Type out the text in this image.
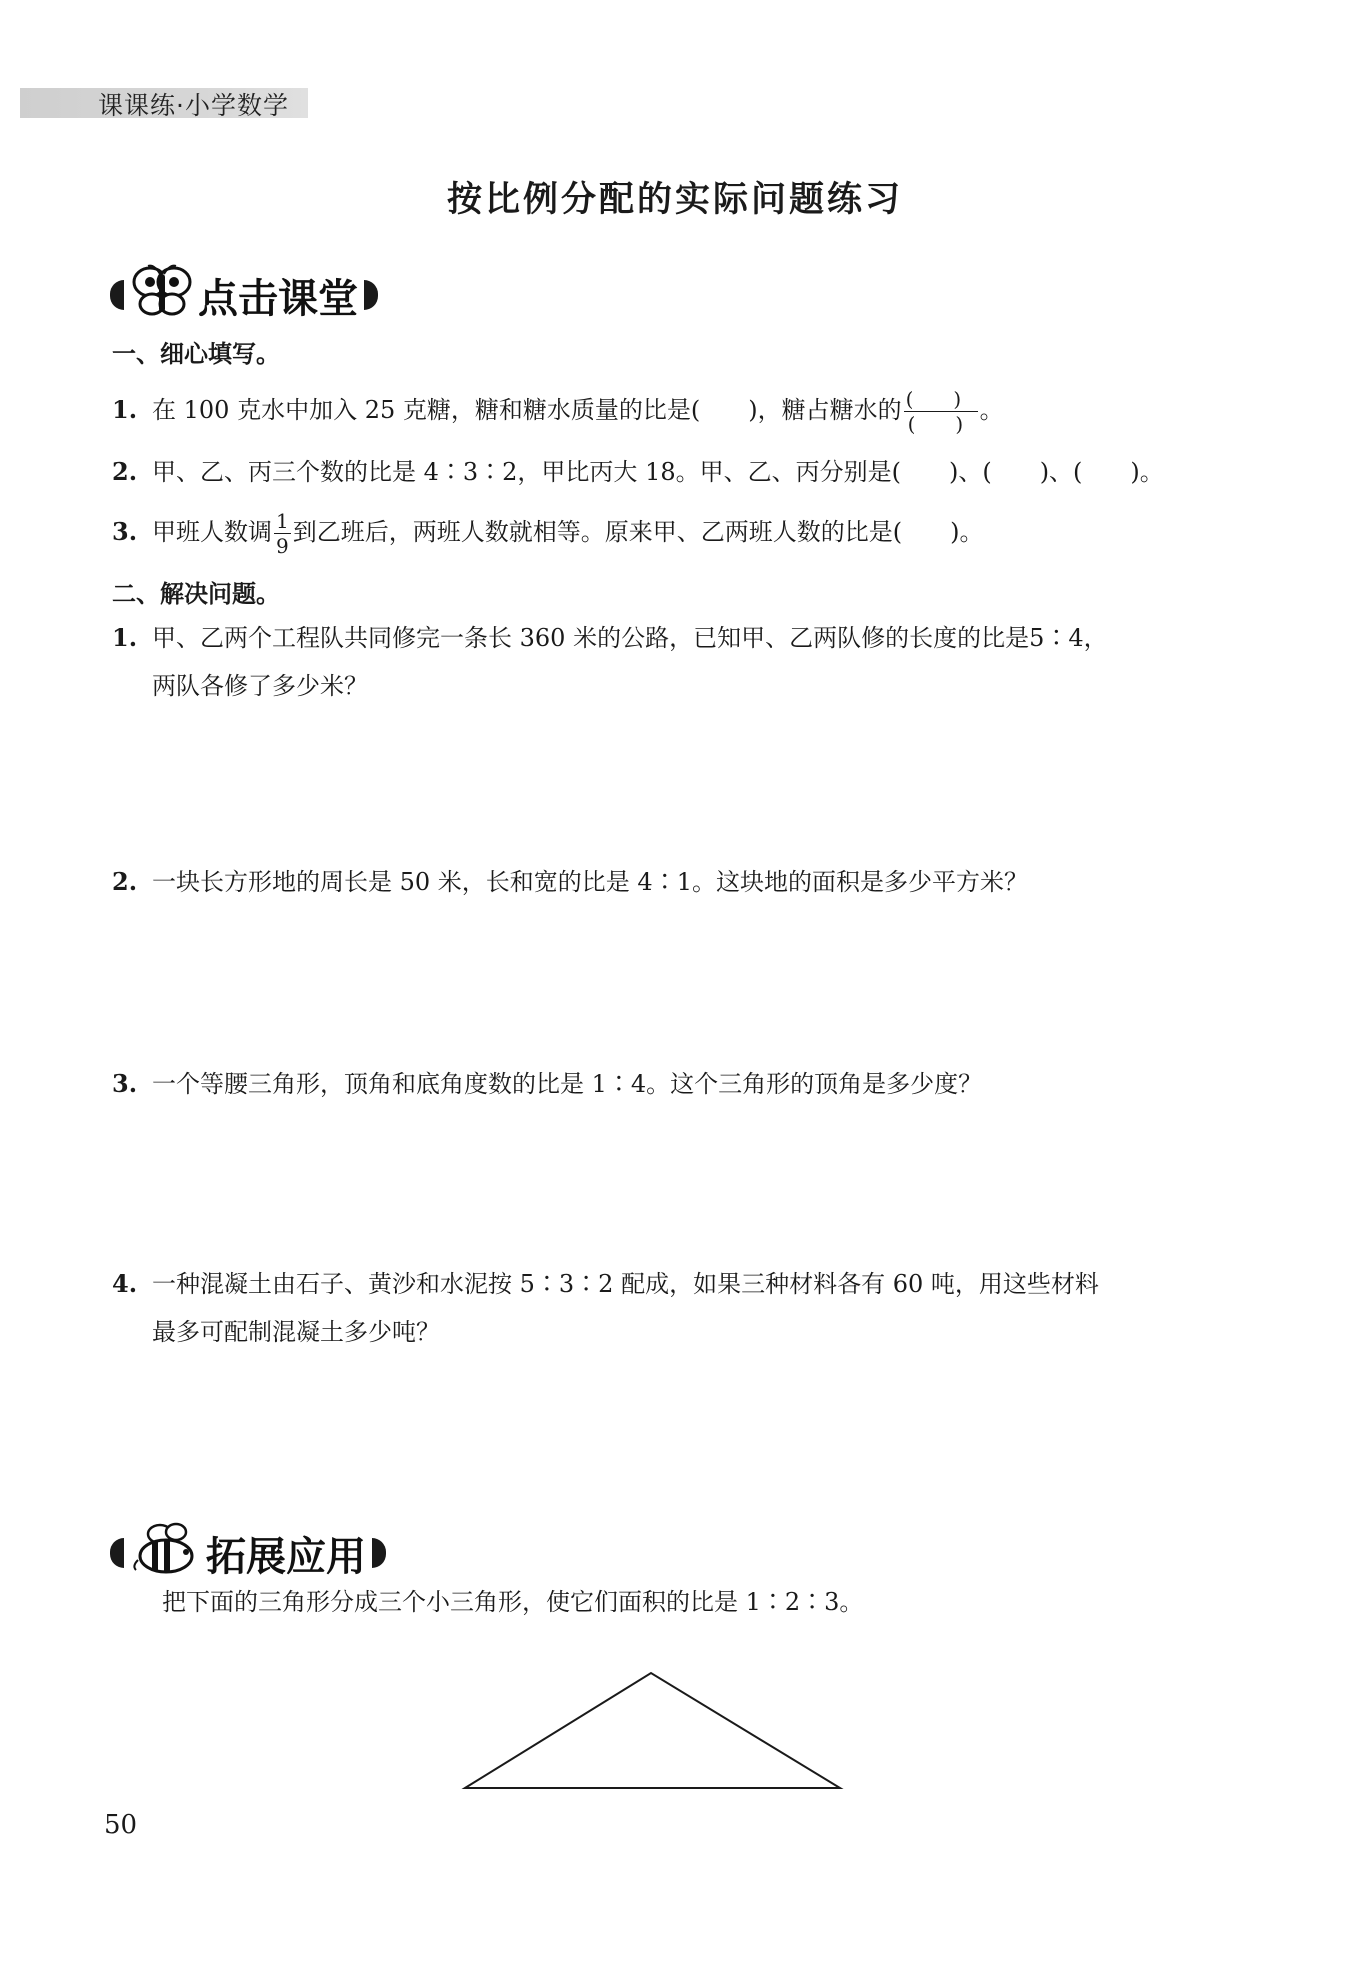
课课练·小学数学
按比例分配的实际问题练习
点击课堂
一、细心填写。
1. 在 100 克水中加入 25 克糖，糖和糖水质量的比是(　　)，糖占糖水的 $\frac{( )}{( )}$ 。
2. 甲、乙、丙三个数的比是 4∶3∶2，甲比丙大 18。甲、乙、丙分别是(　　)、(　　)、(　　)。
3. 甲班人数调 $\frac{1}{9}$ 到乙班后，两班人数就相等。原来甲、乙两班人数的比是(　　)。
二、解决问题。
1. 甲、乙两个工程队共同修完一条长 360 米的公路，已知甲、乙两队修的长度的比是5∶4，
两队各修了多少米？
2. 一块长方形地的周长是 50 米，长和宽的比是 4∶1。这块地的面积是多少平方米？
3. 一个等腰三角形，顶角和底角度数的比是 1∶4。这个三角形的顶角是多少度？
4. 一种混凝土由石子、黄沙和水泥按 5∶3∶2 配成，如果三种材料各有 60 吨，用这些材料
最多可配制混凝土多少吨？
拓展应用
把下面的三角形分成三个小三角形，使它们面积的比是 1∶2∶3。
50
